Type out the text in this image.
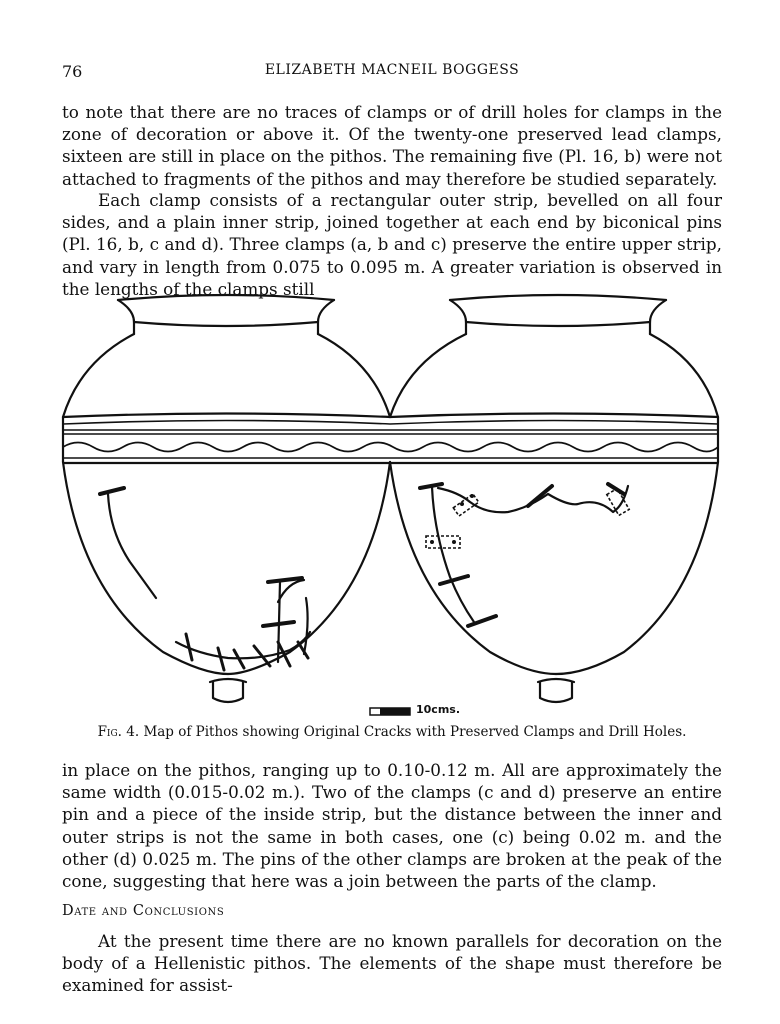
76	ELIZABETH MACNEIL BOGGESS

to note that there are no traces of clamps or of drill holes for clamps in the zone of decoration or above it. Of the twenty-one preserved lead clamps, sixteen are still in place on the pithos. The remaining five (Pl. 16, b) were not attached to fragments of the pithos and may therefore be studied separately.

Each clamp consists of a rectangular outer strip, bevelled on all four sides, and a plain inner strip, joined together at each end by biconical pins (Pl. 16, b, c and d). Three clamps (a, b and c) preserve the entire upper strip, and vary in length from 0.075 to 0.095 m. A greater variation is observed in the lengths of the clamps still

10cms.
Fig. 4. Map of Pithos showing Original Cracks with Preserved Clamps and Drill Holes.

in place on the pithos, ranging up to 0.10-0.12 m. All are approximately the same width (0.015-0.02 m.). Two of the clamps (c and d) preserve an entire pin and a piece of the inside strip, but the distance between the inner and outer strips is not the same in both cases, one (c) being 0.02 m. and the other (d) 0.025 m. The pins of the other clamps are broken at the peak of the cone, suggesting that here was a join between the parts of the clamp.

Date and Conclusions

At the present time there are no known parallels for decoration on the body of a Hellenistic pithos. The elements of the shape must therefore be examined for assist-
